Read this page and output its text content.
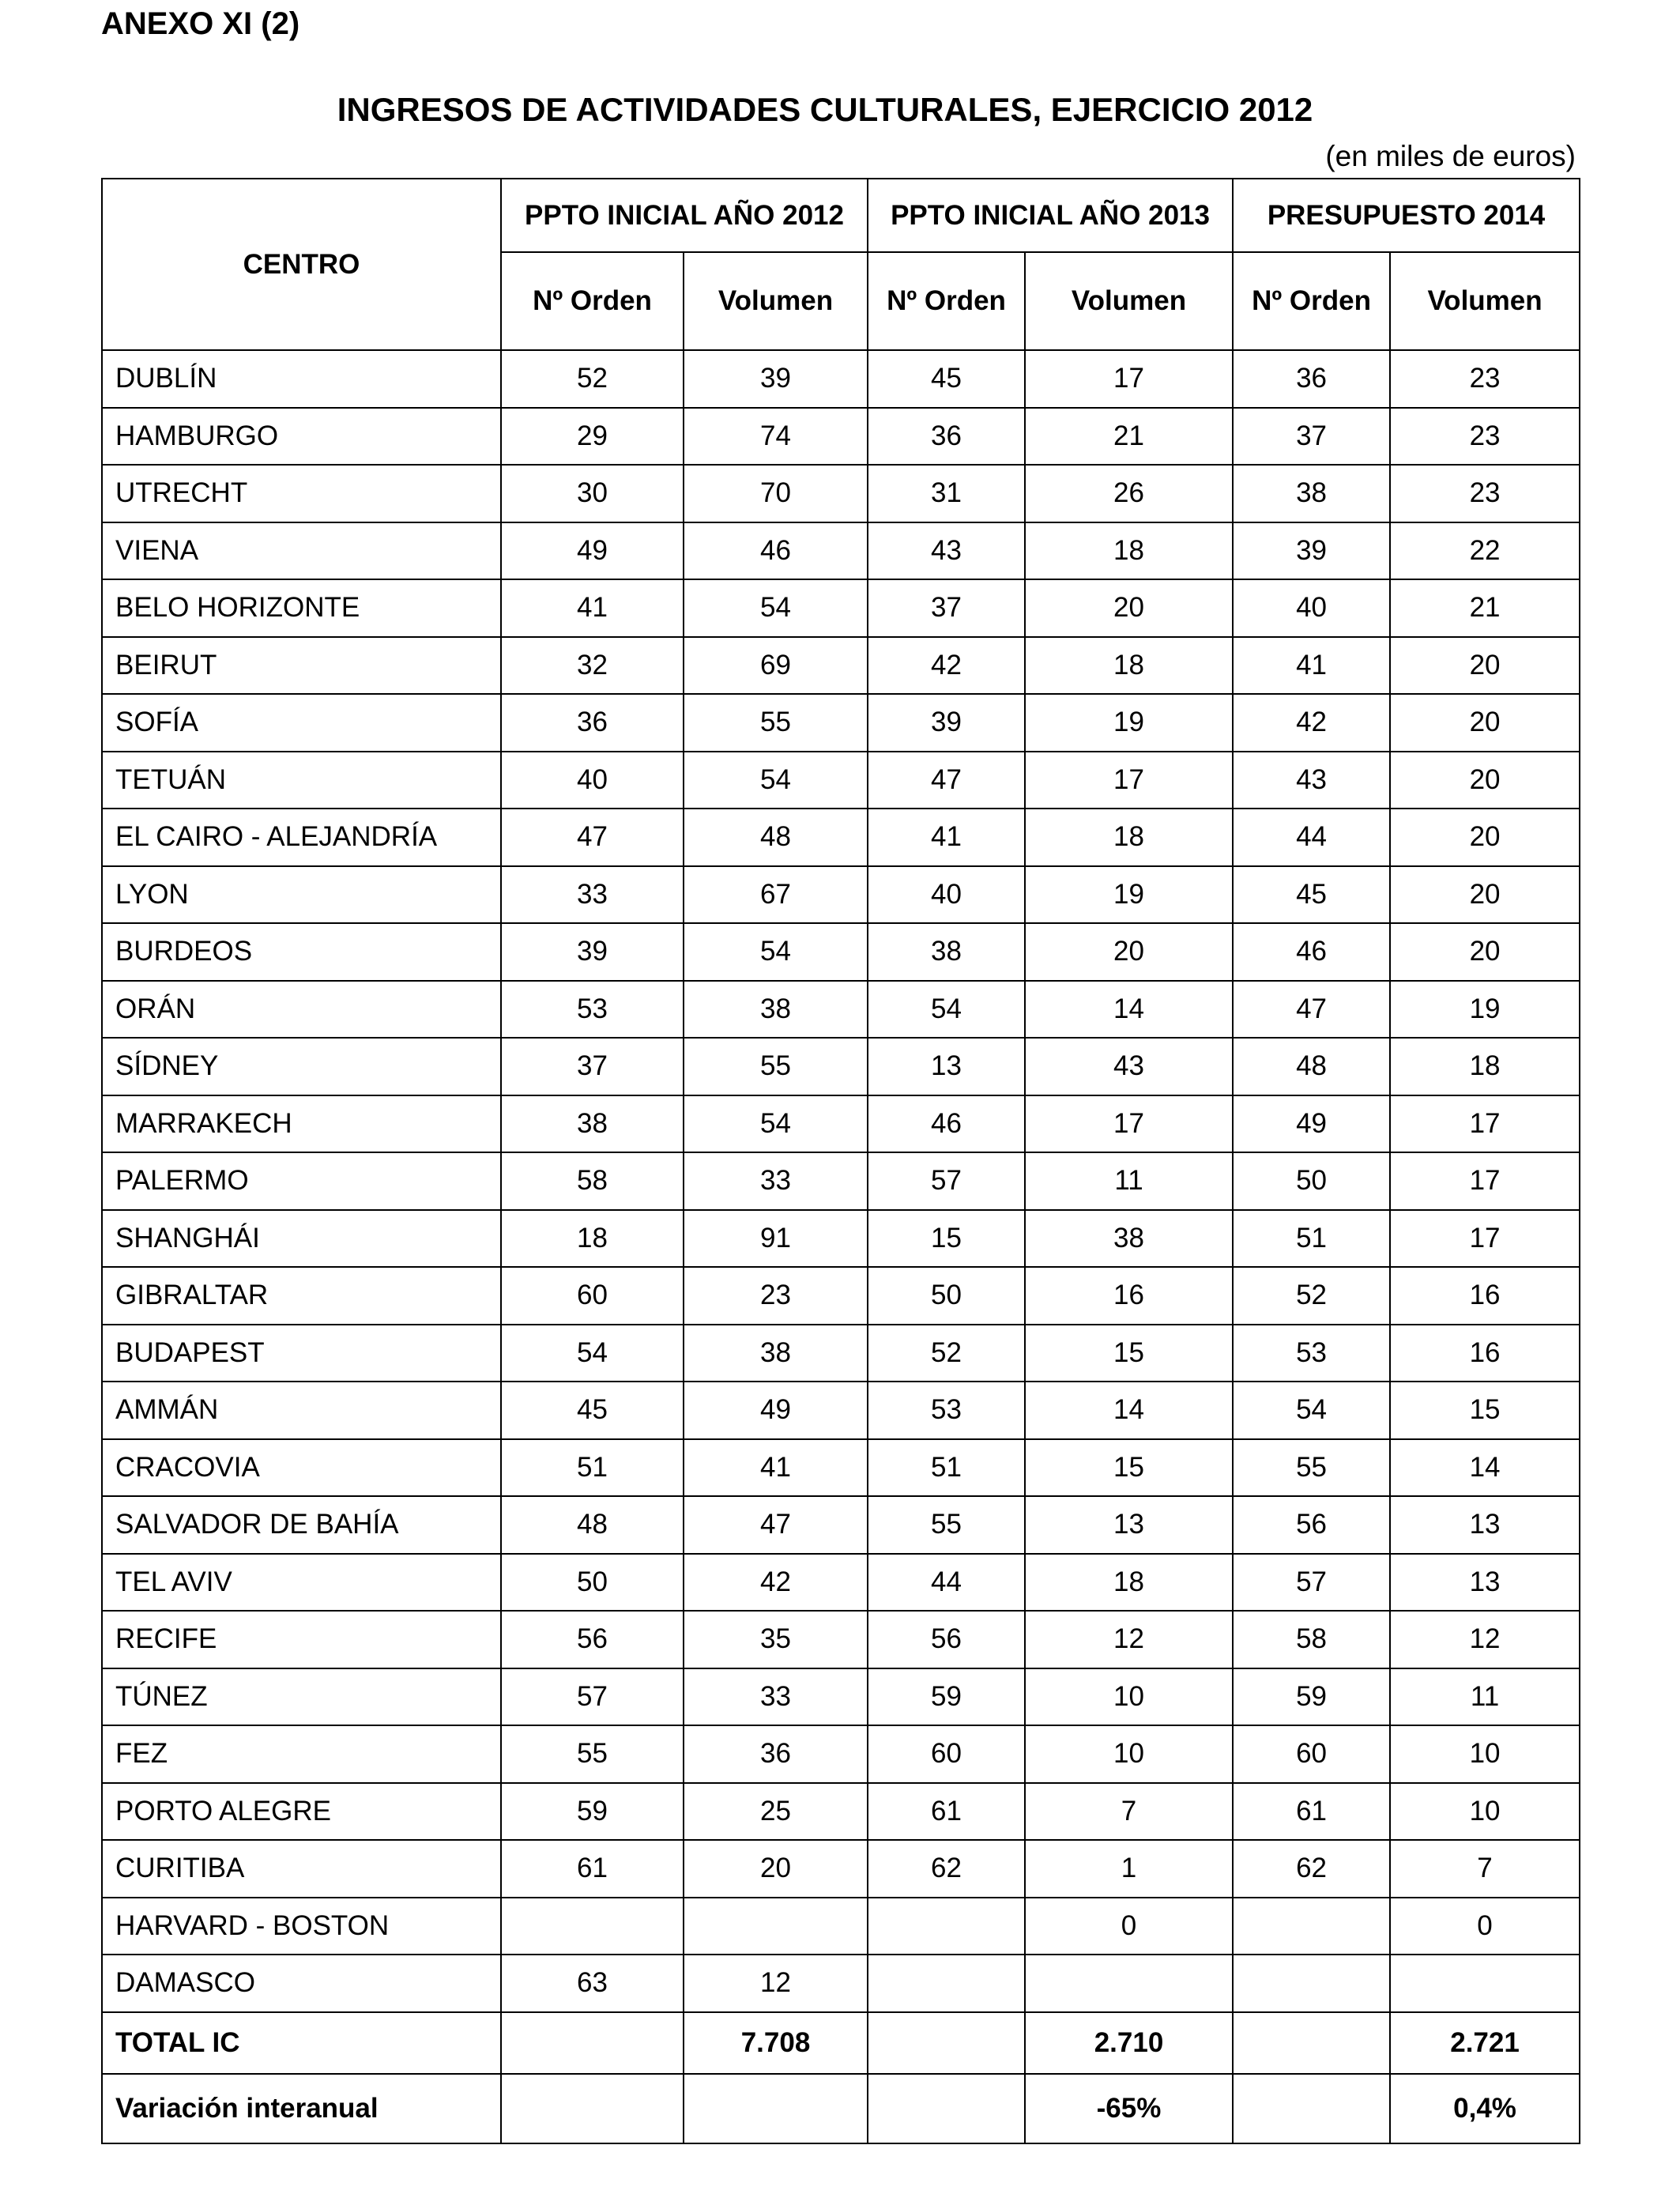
ANEXO XI (2)
INGRESOS DE ACTIVIDADES CULTURALES, EJERCICIO 2012
(en miles de euros)
CENTRO	PPTO INICIAL AÑO 2012		PPTO INICIAL AÑO 2013		PRESUPUESTO 2014	
	Nº Orden	Volumen	Nº Orden	Volumen	Nº Orden	Volumen
DUBLÍN	52	39	45	17	36	23
HAMBURGO	29	74	36	21	37	23
UTRECHT	30	70	31	26	38	23
VIENA	49	46	43	18	39	22
BELO HORIZONTE	41	54	37	20	40	21
BEIRUT	32	69	42	18	41	20
SOFÍA	36	55	39	19	42	20
TETUÁN	40	54	47	17	43	20
EL CAIRO - ALEJANDRÍA	47	48	41	18	44	20
LYON	33	67	40	19	45	20
BURDEOS	39	54	38	20	46	20
ORÁN	53	38	54	14	47	19
SÍDNEY	37	55	13	43	48	18
MARRAKECH	38	54	46	17	49	17
PALERMO	58	33	57	11	50	17
SHANGHÁI	18	91	15	38	51	17
GIBRALTAR	60	23	50	16	52	16
BUDAPEST	54	38	52	15	53	16
AMMÁN	45	49	53	14	54	15
CRACOVIA	51	41	51	15	55	14
SALVADOR DE BAHÍA	48	47	55	13	56	13
TEL AVIV	50	42	44	18	57	13
RECIFE	56	35	56	12	58	12
TÚNEZ	57	33	59	10	59	11
FEZ	55	36	60	10	60	10
PORTO ALEGRE	59	25	61	7	61	10
CURITIBA	61	20	62	1	62	7
HARVARD - BOSTON				0		0
DAMASCO	63	12				
TOTAL IC		7.708		2.710		2.721
Variación interanual				-65%		0,4%
